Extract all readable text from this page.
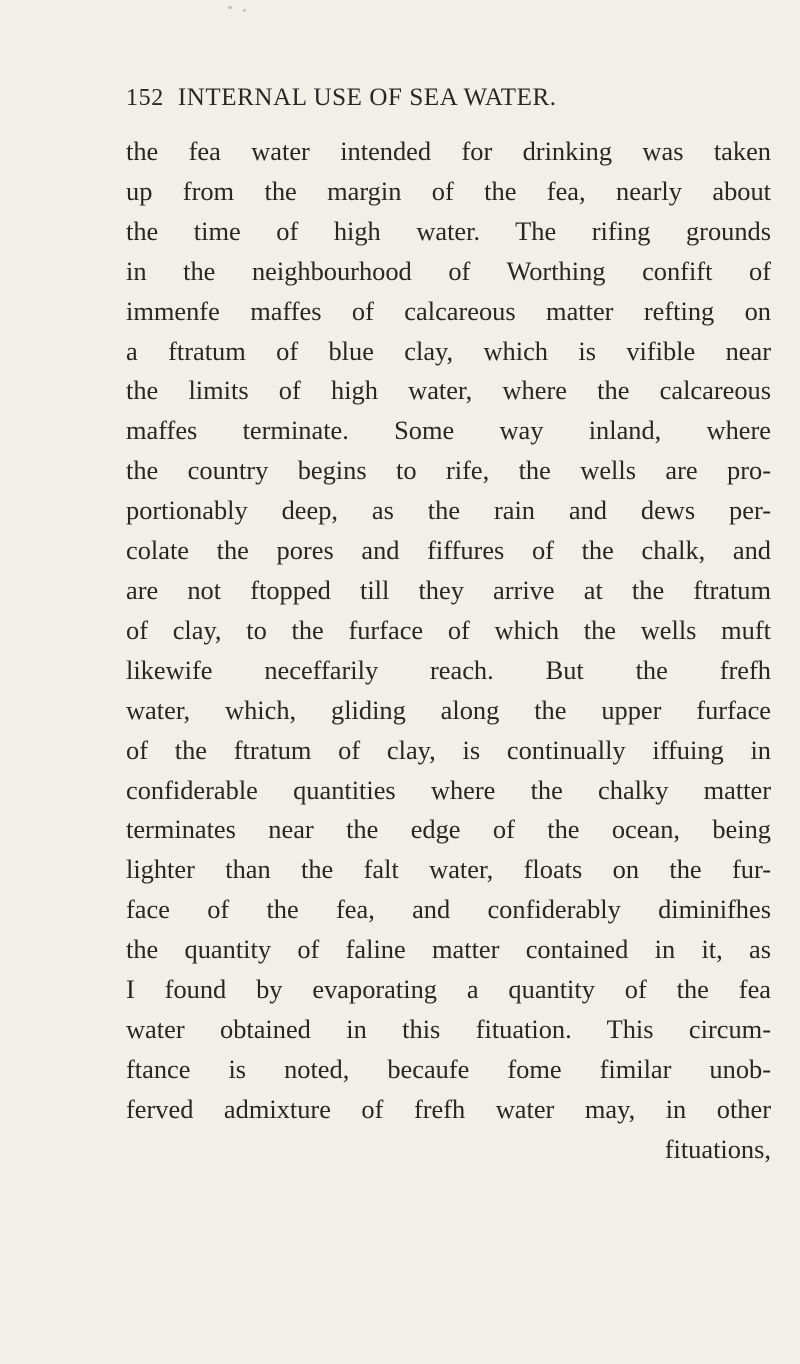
152 INTERNAL USE OF SEA WATER.
the fea water intended for drinking was taken
up from the margin of the fea, nearly about
the time of high water. The rifing grounds
in the neighbourhood of Worthing confift of
immenfe maffes of calcareous matter refting on
a ftratum of blue clay, which is vifible near
the limits of high water, where the calcareous
maffes terminate. Some way inland, where
the country begins to rife, the wells are pro-
portionably deep, as the rain and dews per-
colate the pores and fiffures of the chalk, and
are not ftopped till they arrive at the ftratum
of clay, to the furface of which the wells muft
likewife neceffarily reach. But the frefh
water, which, gliding along the upper furface
of the ftratum of clay, is continually iffuing in
confiderable quantities where the chalky matter
terminates near the edge of the ocean, being
lighter than the falt water, floats on the fur-
face of the fea, and confiderably diminifhes
the quantity of faline matter contained in it, as
I found by evaporating a quantity of the fea
water obtained in this fituation. This circum-
ftance is noted, becaufe fome fimilar unob-
ferved admixture of frefh water may, in other
fituations,
